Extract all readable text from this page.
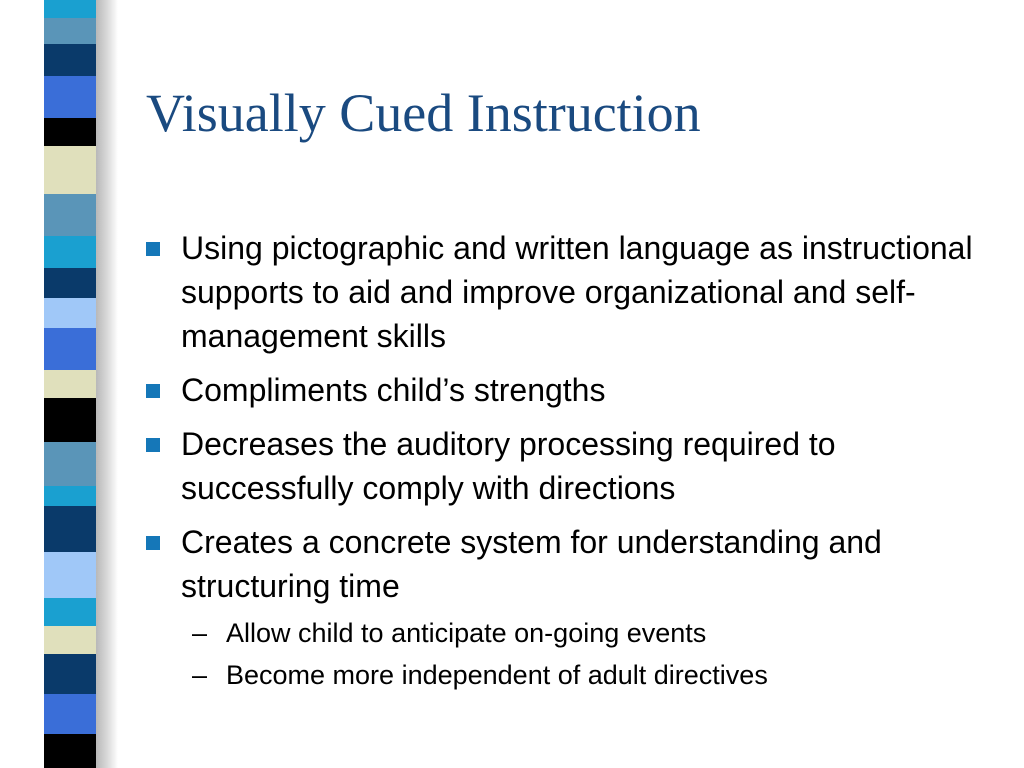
Visually Cued Instruction
Using pictographic and written language as instructional supports to aid and improve organizational and self-management skills
Compliments child’s strengths
Decreases the auditory processing required to successfully comply with directions
Creates a concrete system for understanding and structuring time
– Allow child to anticipate on-going events
– Become more independent of adult directives
